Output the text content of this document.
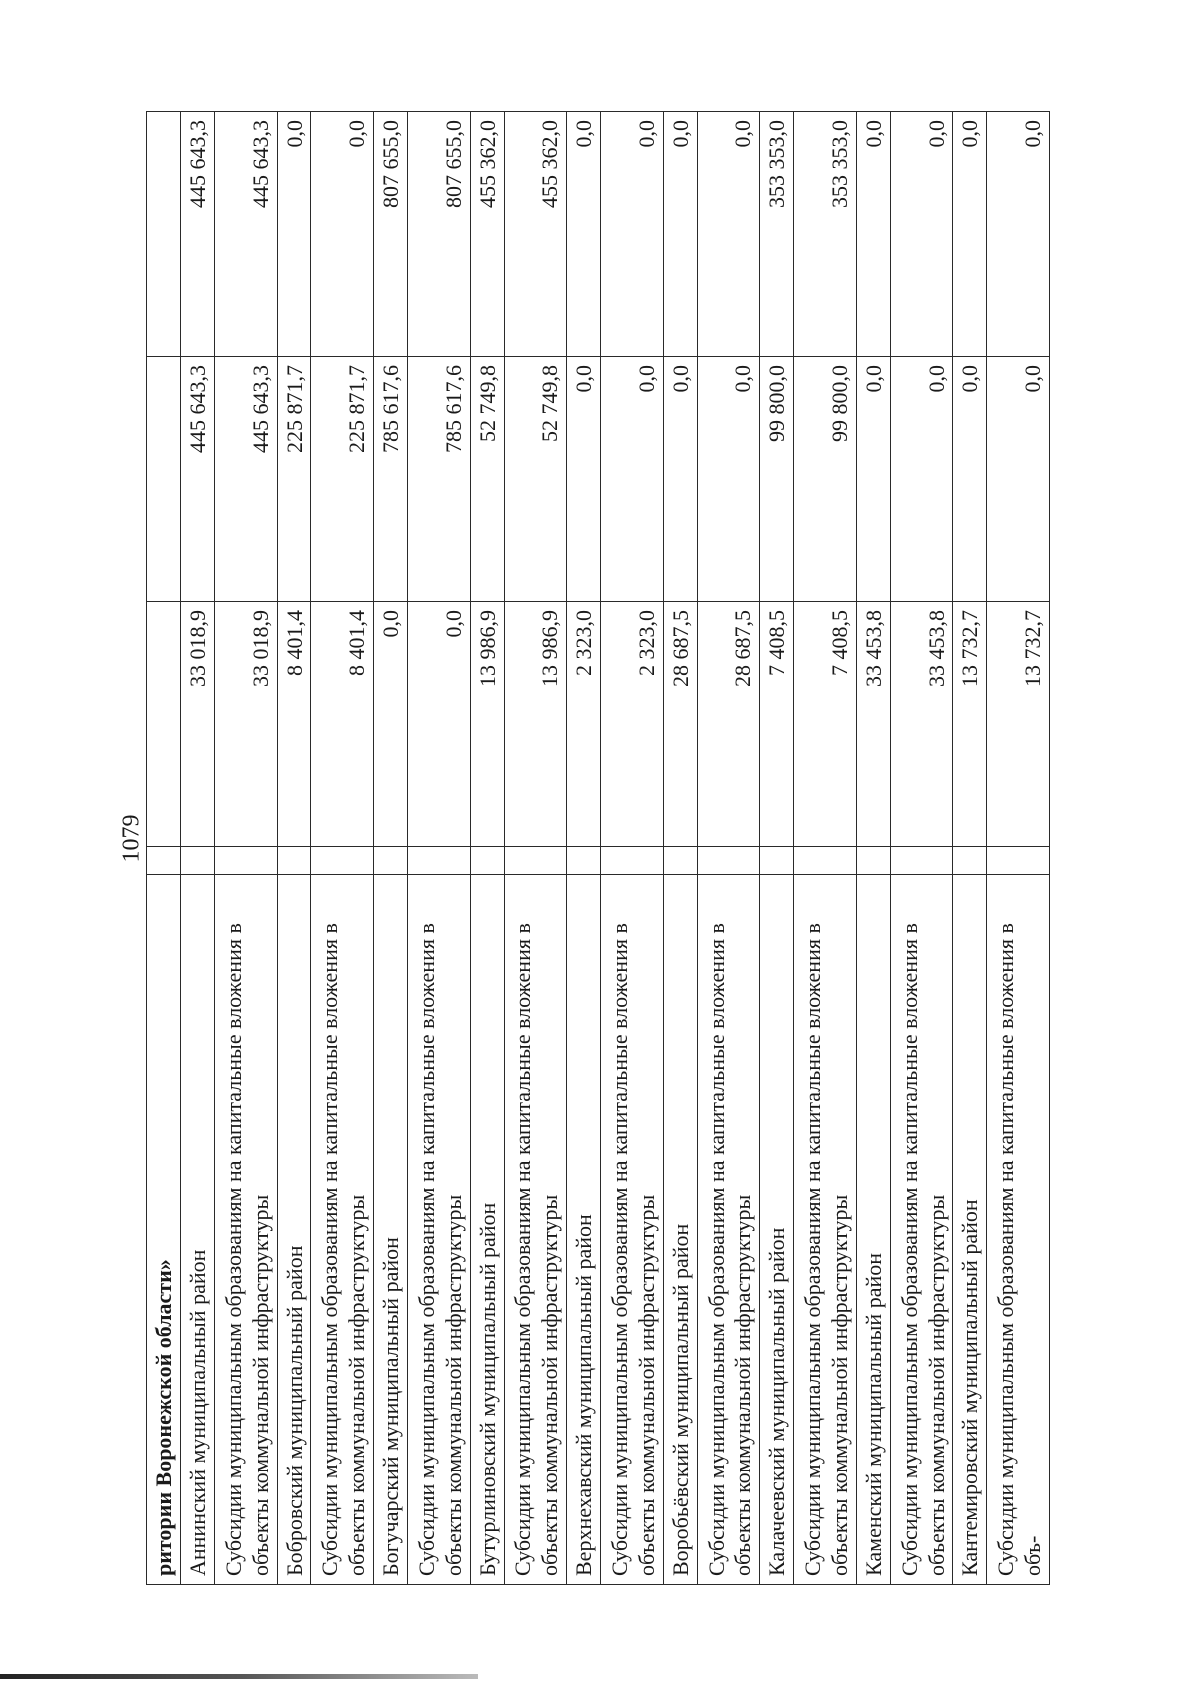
1079
ритории Воронежской области»				
Аннинский муниципальный район		33 018,9	445 643,3	445 643,3
Субсидии муниципальным образованиям на капитальные вложения в объекты коммунальной инфраструктуры		33 018,9	445 643,3	445 643,3
Бобровский муниципальный район		8 401,4	225 871,7	0,0
Субсидии муниципальным образованиям на капитальные вложения в объекты коммунальной инфраструктуры		8 401,4	225 871,7	0,0
Богучарский муниципальный район		0,0	785 617,6	807 655,0
Субсидии муниципальным образованиям на капитальные вложения в объекты коммунальной инфраструктуры		0,0	785 617,6	807 655,0
Бутурлиновский муниципальный район		13 986,9	52 749,8	455 362,0
Субсидии муниципальным образованиям на капитальные вложения в объекты коммунальной инфраструктуры		13 986,9	52 749,8	455 362,0
Верхнехавский муниципальный район		2 323,0	0,0	0,0
Субсидии муниципальным образованиям на капитальные вложения в объекты коммунальной инфраструктуры		2 323,0	0,0	0,0
Воробьёвский муниципальный район		28 687,5	0,0	0,0
Субсидии муниципальным образованиям на капитальные вложения в объекты коммунальной инфраструктуры		28 687,5	0,0	0,0
Калачеевский муниципальный район		7 408,5	99 800,0	353 353,0
Субсидии муниципальным образованиям на капитальные вложения в объекты коммунальной инфраструктуры		7 408,5	99 800,0	353 353,0
Каменский муниципальный район		33 453,8	0,0	0,0
Субсидии муниципальным образованиям на капитальные вложения в объекты коммунальной инфраструктуры		33 453,8	0,0	0,0
Кантемировский муниципальный район		13 732,7	0,0	0,0
Субсидии муниципальным образованиям на капитальные вложения в объ-		13 732,7	0,0	0,0
